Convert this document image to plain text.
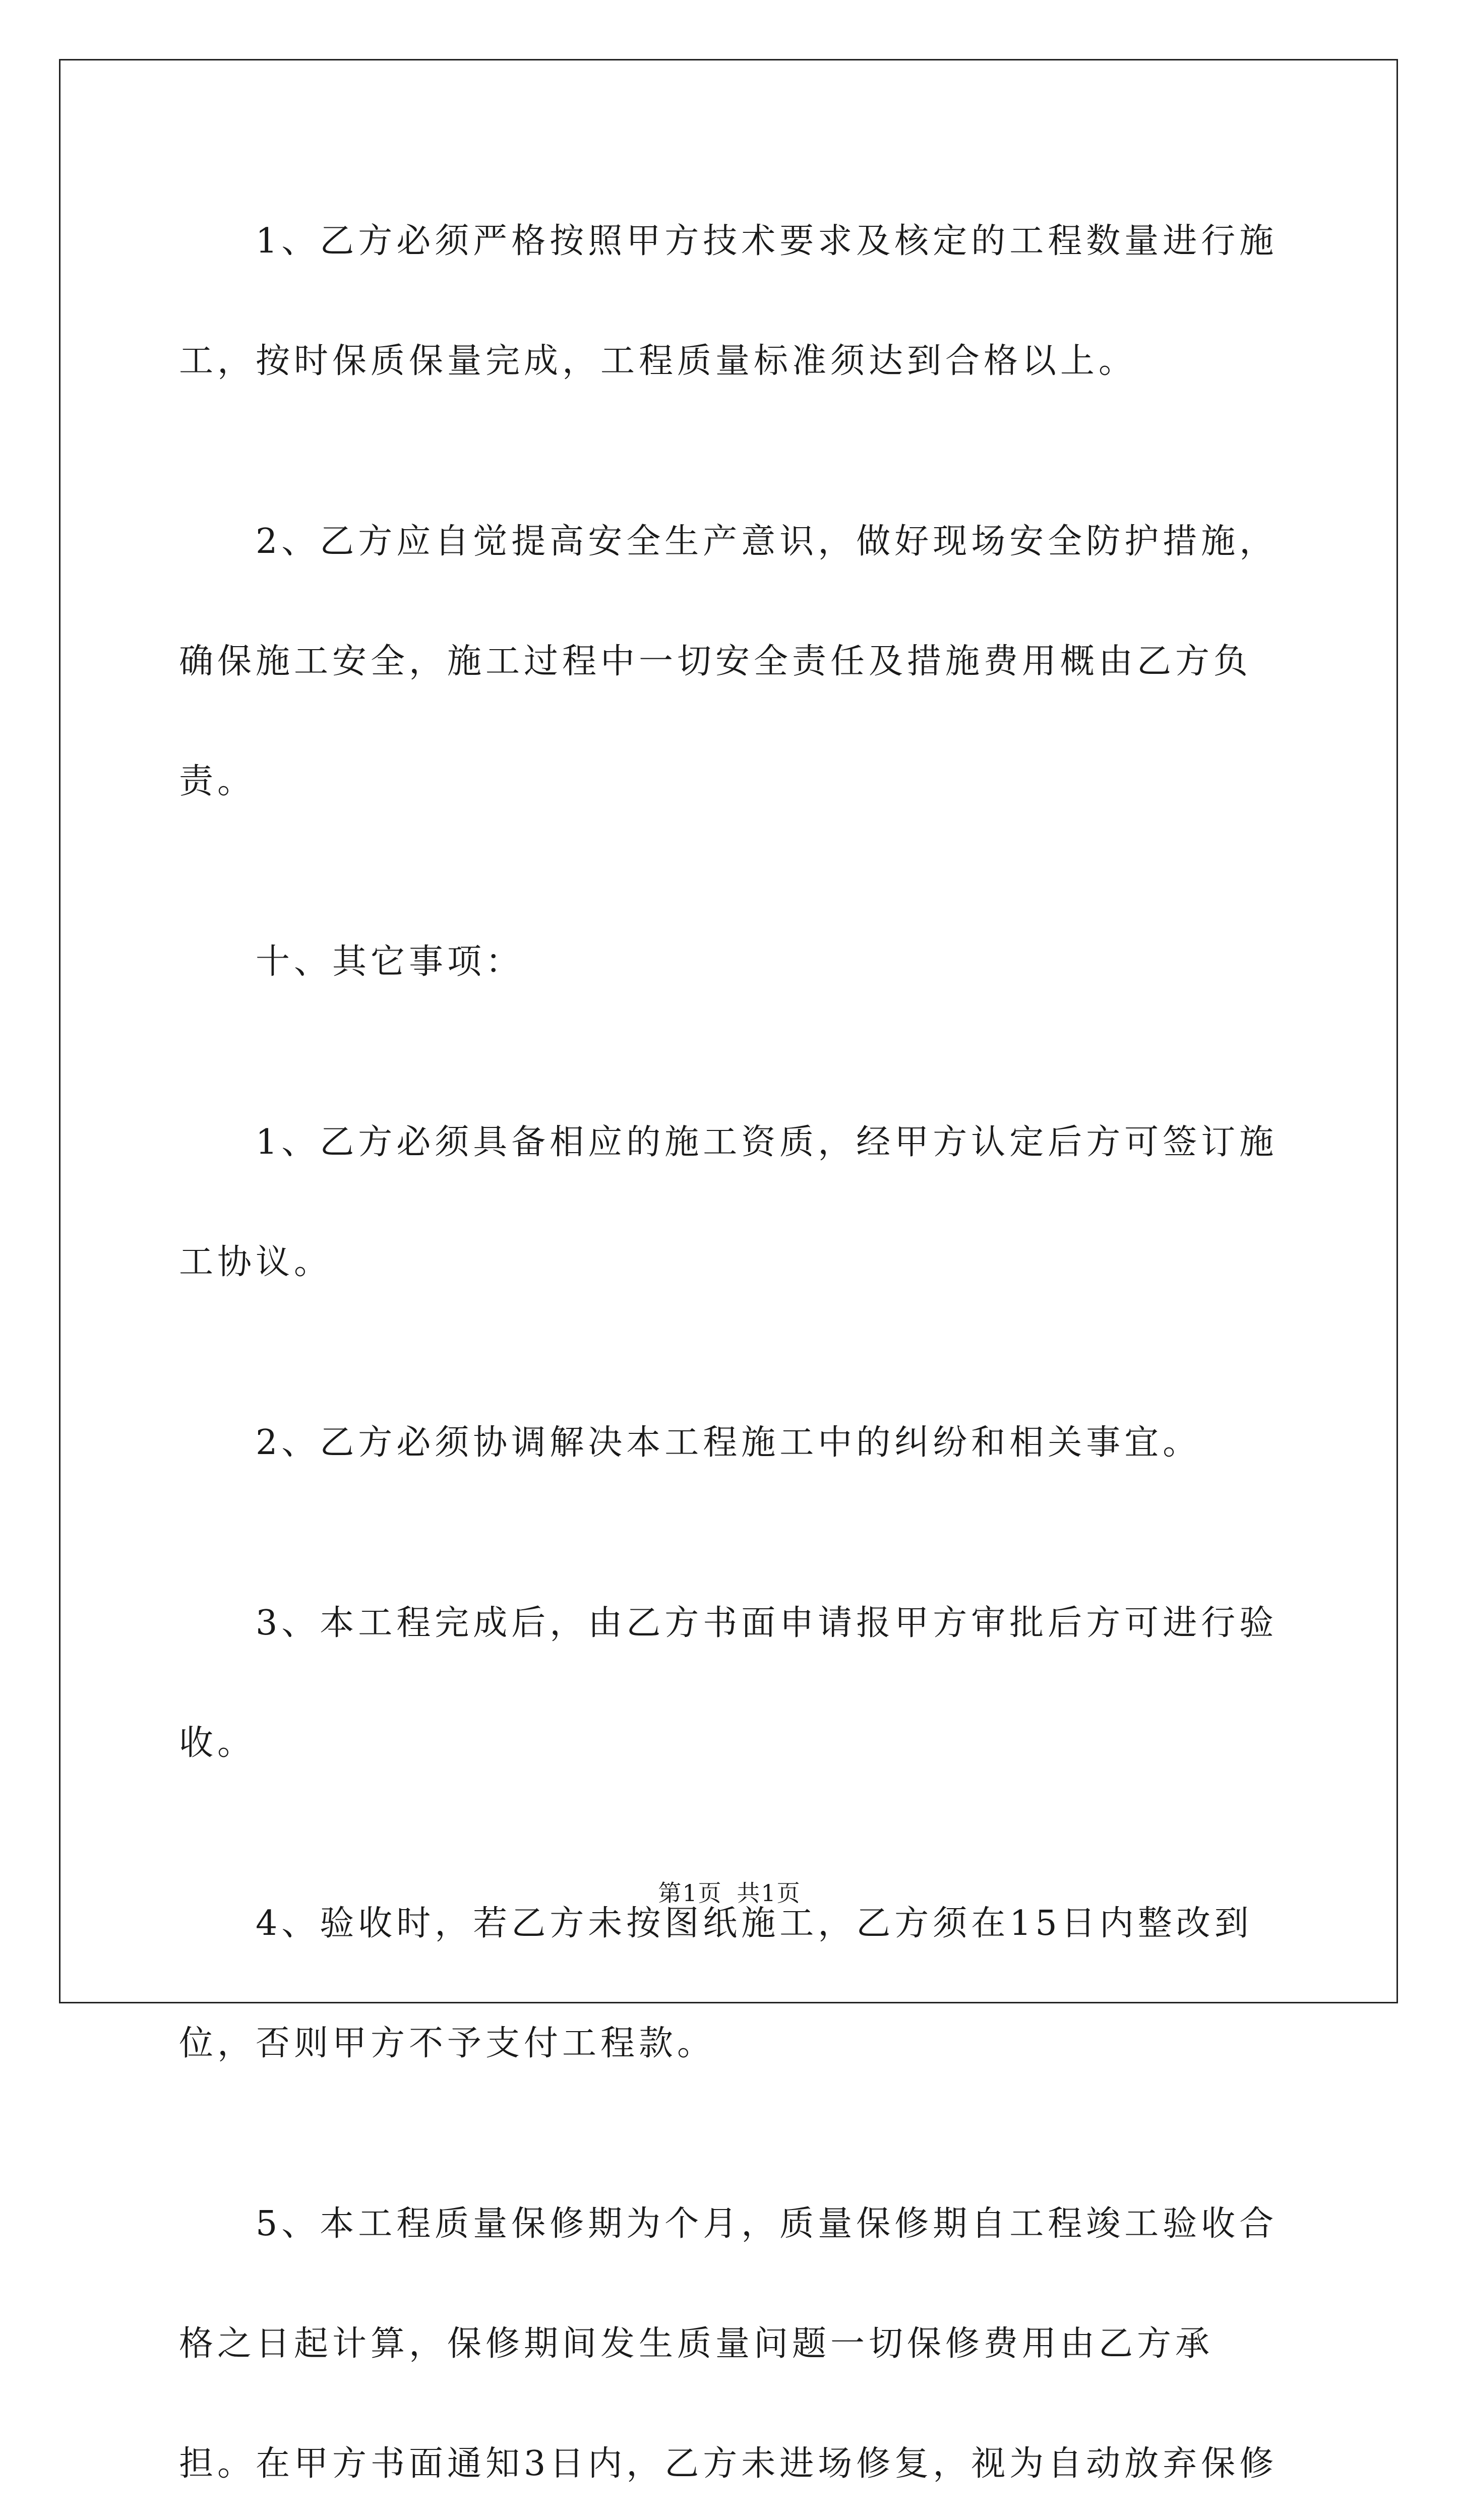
1、乙方必须严格按照甲方技术要求及核定的工程数量进行施工，按时保质保量完成，工程质量标准须达到合格以上。

2、乙方应自觉提高安全生产意识，做好现场安全防护措施，确保施工安全，施工过程中一切安全责任及措施费用概由乙方负责。

十、其它事项：

1、乙方必须具备相应的施工资质，经甲方认定后方可签订施工协议。

2、乙方必须协调解决本工程施工中的纠纷和相关事宜。

3、本工程完成后，由乙方书面申请报甲方审批后方可进行验收。

4、验收时，若乙方未按图纸施工，乙方须在15日内整改到位，否则甲方不予支付工程款。

5、本工程质量保修期为个月，质量保修期自工程竣工验收合格之日起计算，保修期间发生质量问题一切保修费用由乙方承担。在甲方书面通知3日内，乙方未进场修复，视为自动放弃保修

第1页 共1页
